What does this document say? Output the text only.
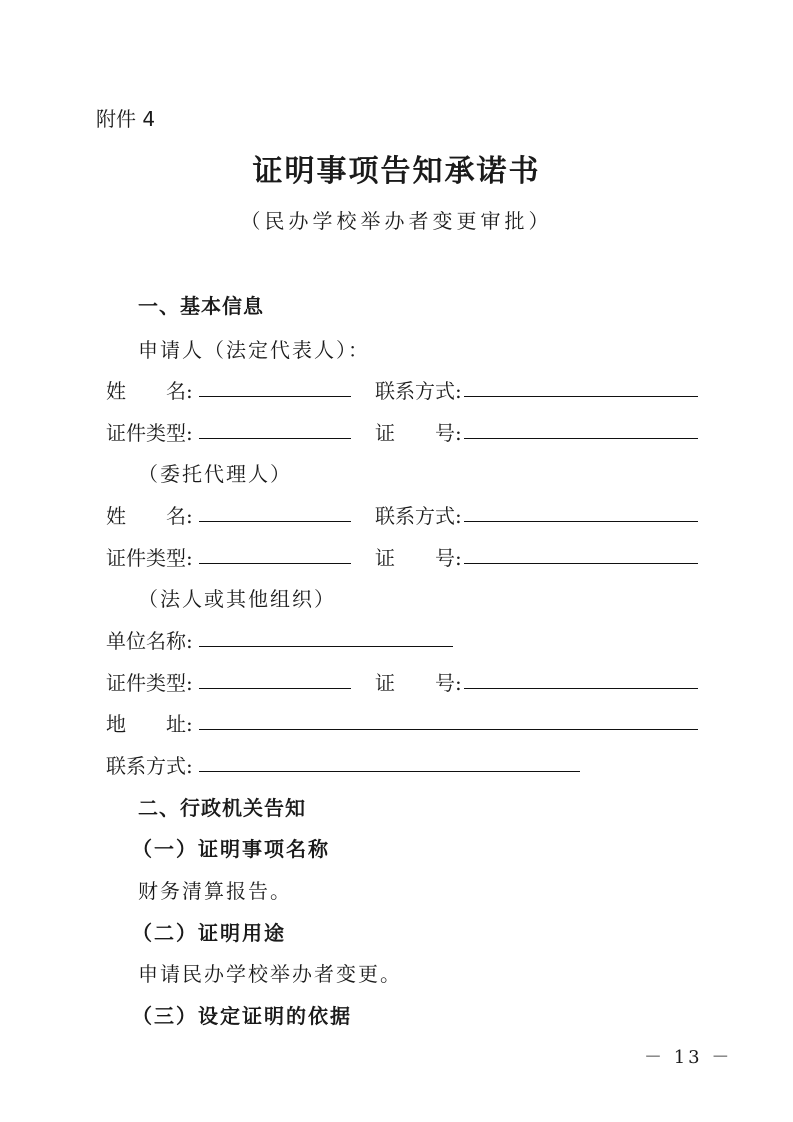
附件 4
证明事项告知承诺书
（民办学校举办者变更审批）
一、基本信息
申请人（法定代表人）：
姓　　名:	联系方式:
证件类型:	证　　号:
（委托代理人）
姓　　名:	联系方式:
证件类型:	证　　号:
（法人或其他组织）
单位名称:
证件类型:	证　　号:
地　　址:
联系方式:
二、行政机关告知
（一）证明事项名称
财务清算报告。
（二）证明用途
申请民办学校举办者变更。
（三）设定证明的依据
－ 13 －
